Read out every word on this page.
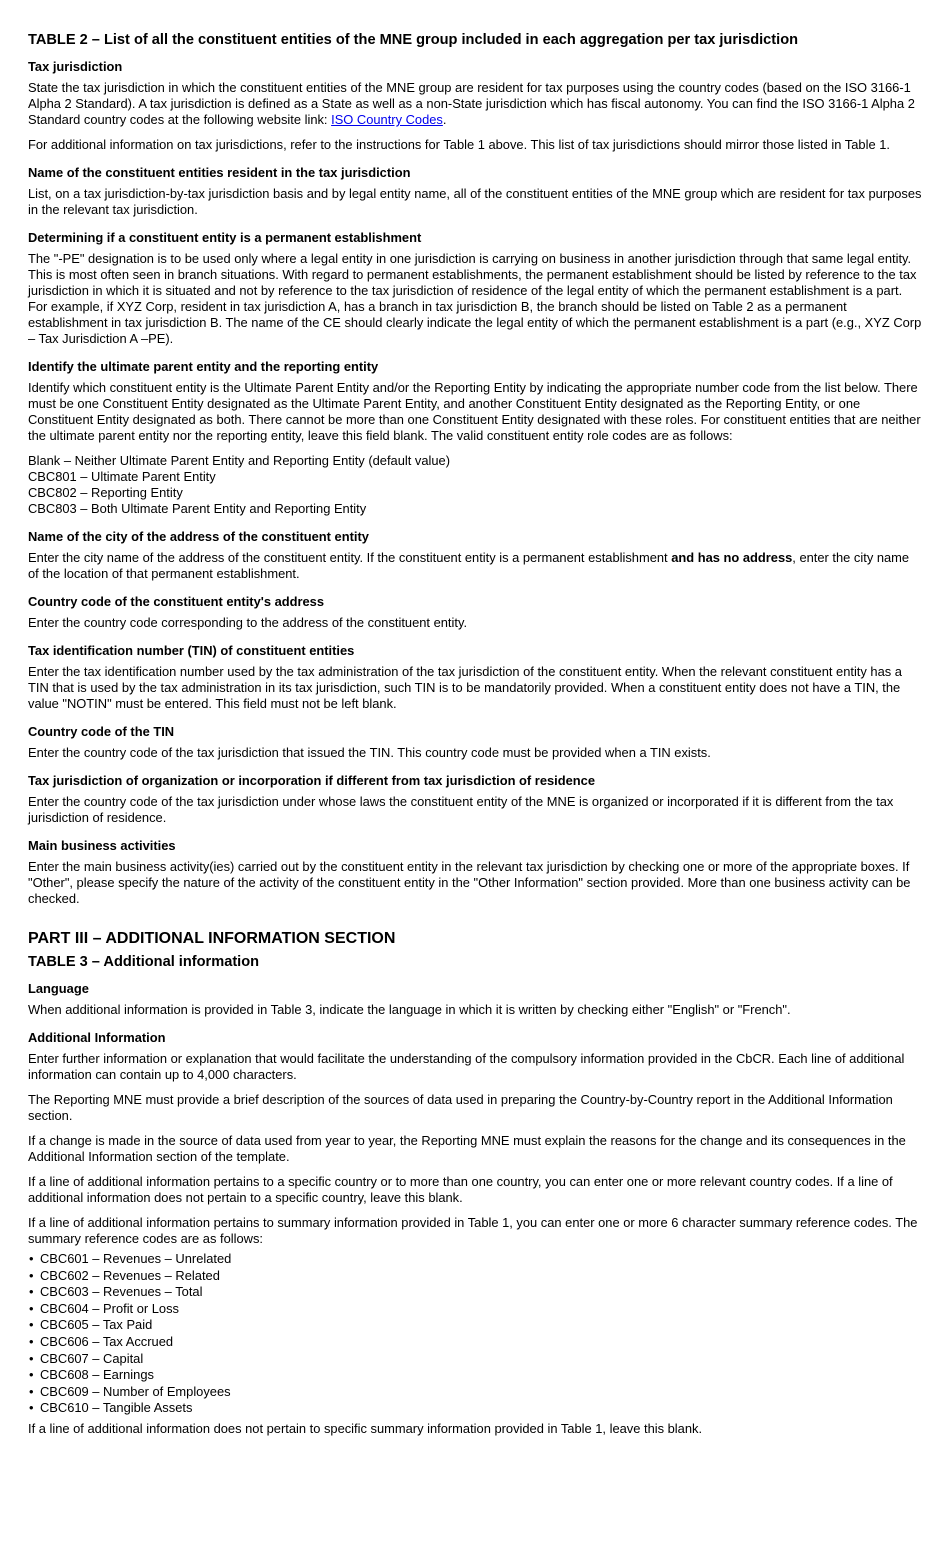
TABLE 2 – List of all the constituent entities of the MNE group included in each aggregation per tax jurisdiction
Tax jurisdiction

State the tax jurisdiction in which the constituent entities of the MNE group are resident for tax purposes using the country codes (based on the ISO 3166-1 Alpha 2 Standard). A tax jurisdiction is defined as a State as well as a non-State jurisdiction which has fiscal autonomy. You can find the ISO 3166-1 Alpha 2 Standard country codes at the following website link: ISO Country Codes.

For additional information on tax jurisdictions, refer to the instructions for Table 1 above. This list of tax jurisdictions should mirror those listed in Table 1.

Name of the constituent entities resident in the tax jurisdiction

List, on a tax jurisdiction-by-tax jurisdiction basis and by legal entity name, all of the constituent entities of the MNE group which are resident for tax purposes in the relevant tax jurisdiction.

Determining if a constituent entity is a permanent establishment

The "-PE" designation is to be used only where a legal entity in one jurisdiction is carrying on business in another jurisdiction through that same legal entity. This is most often seen in branch situations. With regard to permanent establishments, the permanent establishment should be listed by reference to the tax jurisdiction in which it is situated and not by reference to the tax jurisdiction of residence of the legal entity of which the permanent establishment is a part.
For example, if XYZ Corp, resident in tax jurisdiction A, has a branch in tax jurisdiction B, the branch should be listed on Table 2 as a permanent establishment in tax jurisdiction B. The name of the CE should clearly indicate the legal entity of which the permanent establishment is a part (e.g., XYZ Corp – Tax Jurisdiction A –PE).

Identify the ultimate parent entity and the reporting entity

Identify which constituent entity is the Ultimate Parent Entity and/or the Reporting Entity by indicating the appropriate number code from the list below. There must be one Constituent Entity designated as the Ultimate Parent Entity, and another Constituent Entity designated as the Reporting Entity, or one Constituent Entity designated as both. There cannot be more than one Constituent Entity designated with these roles. For constituent entities that are neither the ultimate parent entity nor the reporting entity, leave this field blank. The valid constituent entity role codes are as follows:

Blank – Neither Ultimate Parent Entity and Reporting Entity (default value)
CBC801 – Ultimate Parent Entity
CBC802 – Reporting Entity
CBC803 – Both Ultimate Parent Entity and Reporting Entity
Name of the city of the address of the constituent entity

Enter the city name of the address of the constituent entity. If the constituent entity is a permanent establishment and has no address, enter the city name of the location of that permanent establishment.

Country code of the constituent entity's address

Enter the country code corresponding to the address of the constituent entity.

Tax identification number (TIN) of constituent entities

Enter the tax identification number used by the tax administration of the tax jurisdiction of the constituent entity. When the relevant constituent entity has a TIN that is used by the tax administration in its tax jurisdiction, such TIN is to be mandatorily provided. When a constituent entity does not have a TIN, the value "NOTIN" must be entered. This field must not be left blank.

Country code of the TIN

Enter the country code of the tax jurisdiction that issued the TIN. This country code must be provided when a TIN exists.

Tax jurisdiction of organization or incorporation if different from tax jurisdiction of residence

Enter the country code of the tax jurisdiction under whose laws the constituent entity of the MNE is organized or incorporated if it is different from the tax jurisdiction of residence.

Main business activities

Enter the main business activity(ies) carried out by the constituent entity in the relevant tax jurisdiction by checking one or more of the appropriate boxes. If "Other", please specify the nature of the activity of the constituent entity in the "Other Information" section provided. More than one business activity can be checked.

PART III – ADDITIONAL INFORMATION SECTION
TABLE 3 – Additional information
Language

When additional information is provided in Table 3, indicate the language in which it is written by checking either "English" or "French".

Additional Information

Enter further information or explanation that would facilitate the understanding of the compulsory information provided in the CbCR. Each line of additional information can contain up to 4,000 characters.

The Reporting MNE must provide a brief description of the sources of data used in preparing the Country-by-Country report in the Additional Information section.

If a change is made in the source of data used from year to year, the Reporting MNE must explain the reasons for the change and its consequences in the Additional Information section of the template.

If a line of additional information pertains to a specific country or to more than one country, you can enter one or more relevant country codes. If a line of additional information does not pertain to a specific country, leave this blank.

If a line of additional information pertains to summary information provided in Table 1, you can enter one or more 6 character summary reference codes. The summary reference codes are as follows:

• CBC601 – Revenues – Unrelated
• CBC602 – Revenues – Related
• CBC603 – Revenues – Total
• CBC604 – Profit or Loss
• CBC605 – Tax Paid
• CBC606 – Tax Accrued
• CBC607 – Capital
• CBC608 – Earnings
• CBC609 – Number of Employees
• CBC610 – Tangible Assets

If a line of additional information does not pertain to specific summary information provided in Table 1, leave this blank.
